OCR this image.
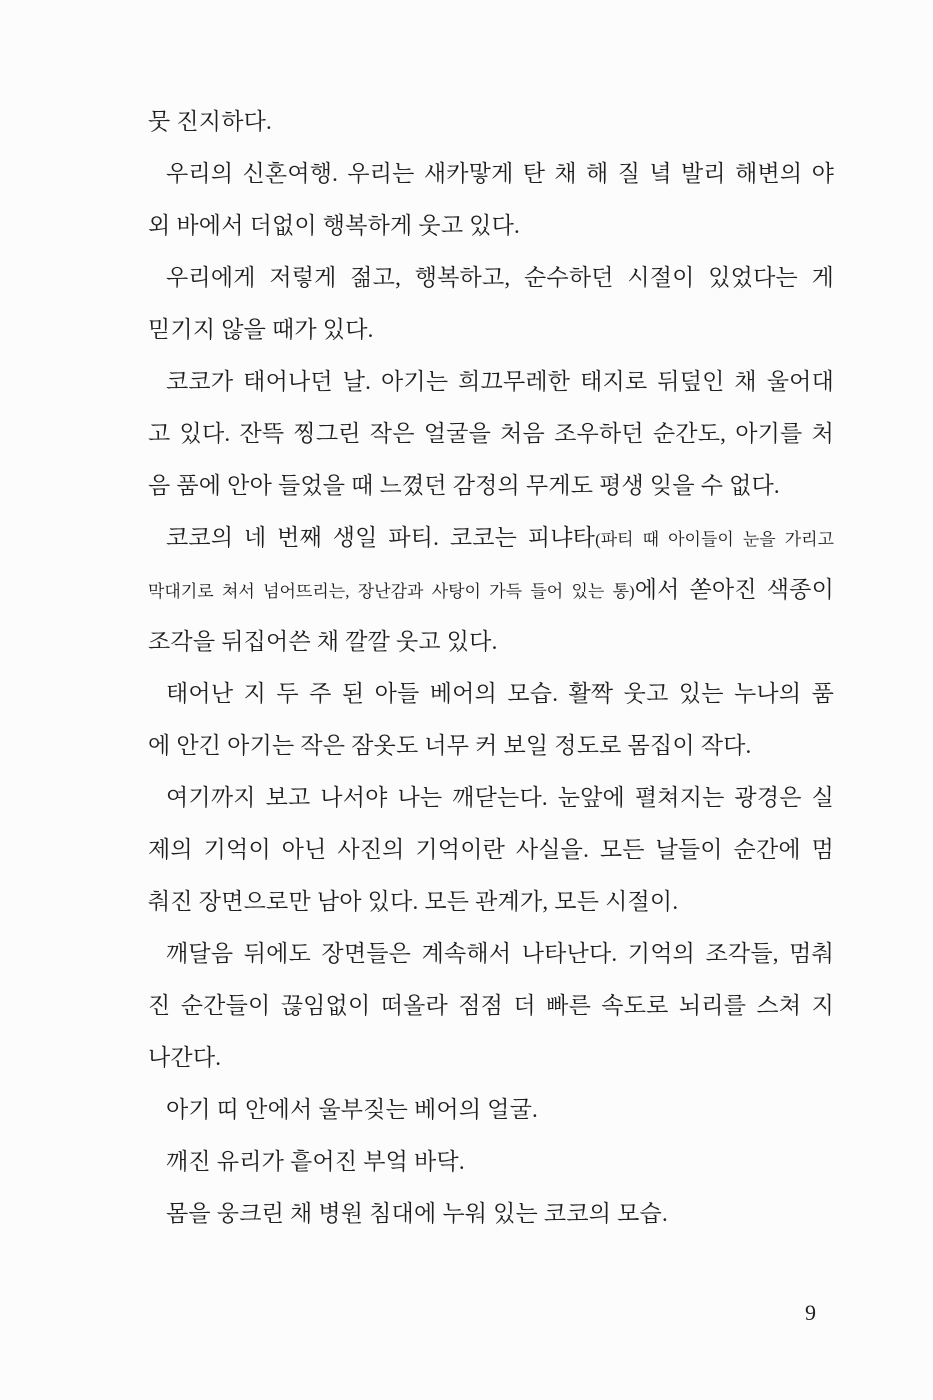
뭇 진지하다.
우리의 신혼여행. 우리는 새카맣게 탄 채 해 질 녘 발리 해변의 야
외 바에서 더없이 행복하게 웃고 있다.
우리에게 저렇게 젊고, 행복하고, 순수하던 시절이 있었다는 게
믿기지 않을 때가 있다.
코코가 태어나던 날. 아기는 희끄무레한 태지로 뒤덮인 채 울어대
고 있다. 잔뜩 찡그린 작은 얼굴을 처음 조우하던 순간도, 아기를 처
음 품에 안아 들었을 때 느꼈던 감정의 무게도 평생 잊을 수 없다.
코코의 네 번째 생일 파티. 코코는 피냐타(파티 때 아이들이 눈을 가리고
막대기로 쳐서 넘어뜨리는, 장난감과 사탕이 가득 들어 있는 통)에서 쏟아진 색종이
조각을 뒤집어쓴 채 깔깔 웃고 있다.
태어난 지 두 주 된 아들 베어의 모습. 활짝 웃고 있는 누나의 품
에 안긴 아기는 작은 잠옷도 너무 커 보일 정도로 몸집이 작다.
여기까지 보고 나서야 나는 깨닫는다. 눈앞에 펼쳐지는 광경은 실
제의 기억이 아닌 사진의 기억이란 사실을. 모든 날들이 순간에 멈
춰진 장면으로만 남아 있다. 모든 관계가, 모든 시절이.
깨달음 뒤에도 장면들은 계속해서 나타난다. 기억의 조각들, 멈춰
진 순간들이 끊임없이 떠올라 점점 더 빠른 속도로 뇌리를 스쳐 지
나간다.
아기 띠 안에서 울부짖는 베어의 얼굴.
깨진 유리가 흩어진 부엌 바닥.
몸을 웅크린 채 병원 침대에 누워 있는 코코의 모습.
9
